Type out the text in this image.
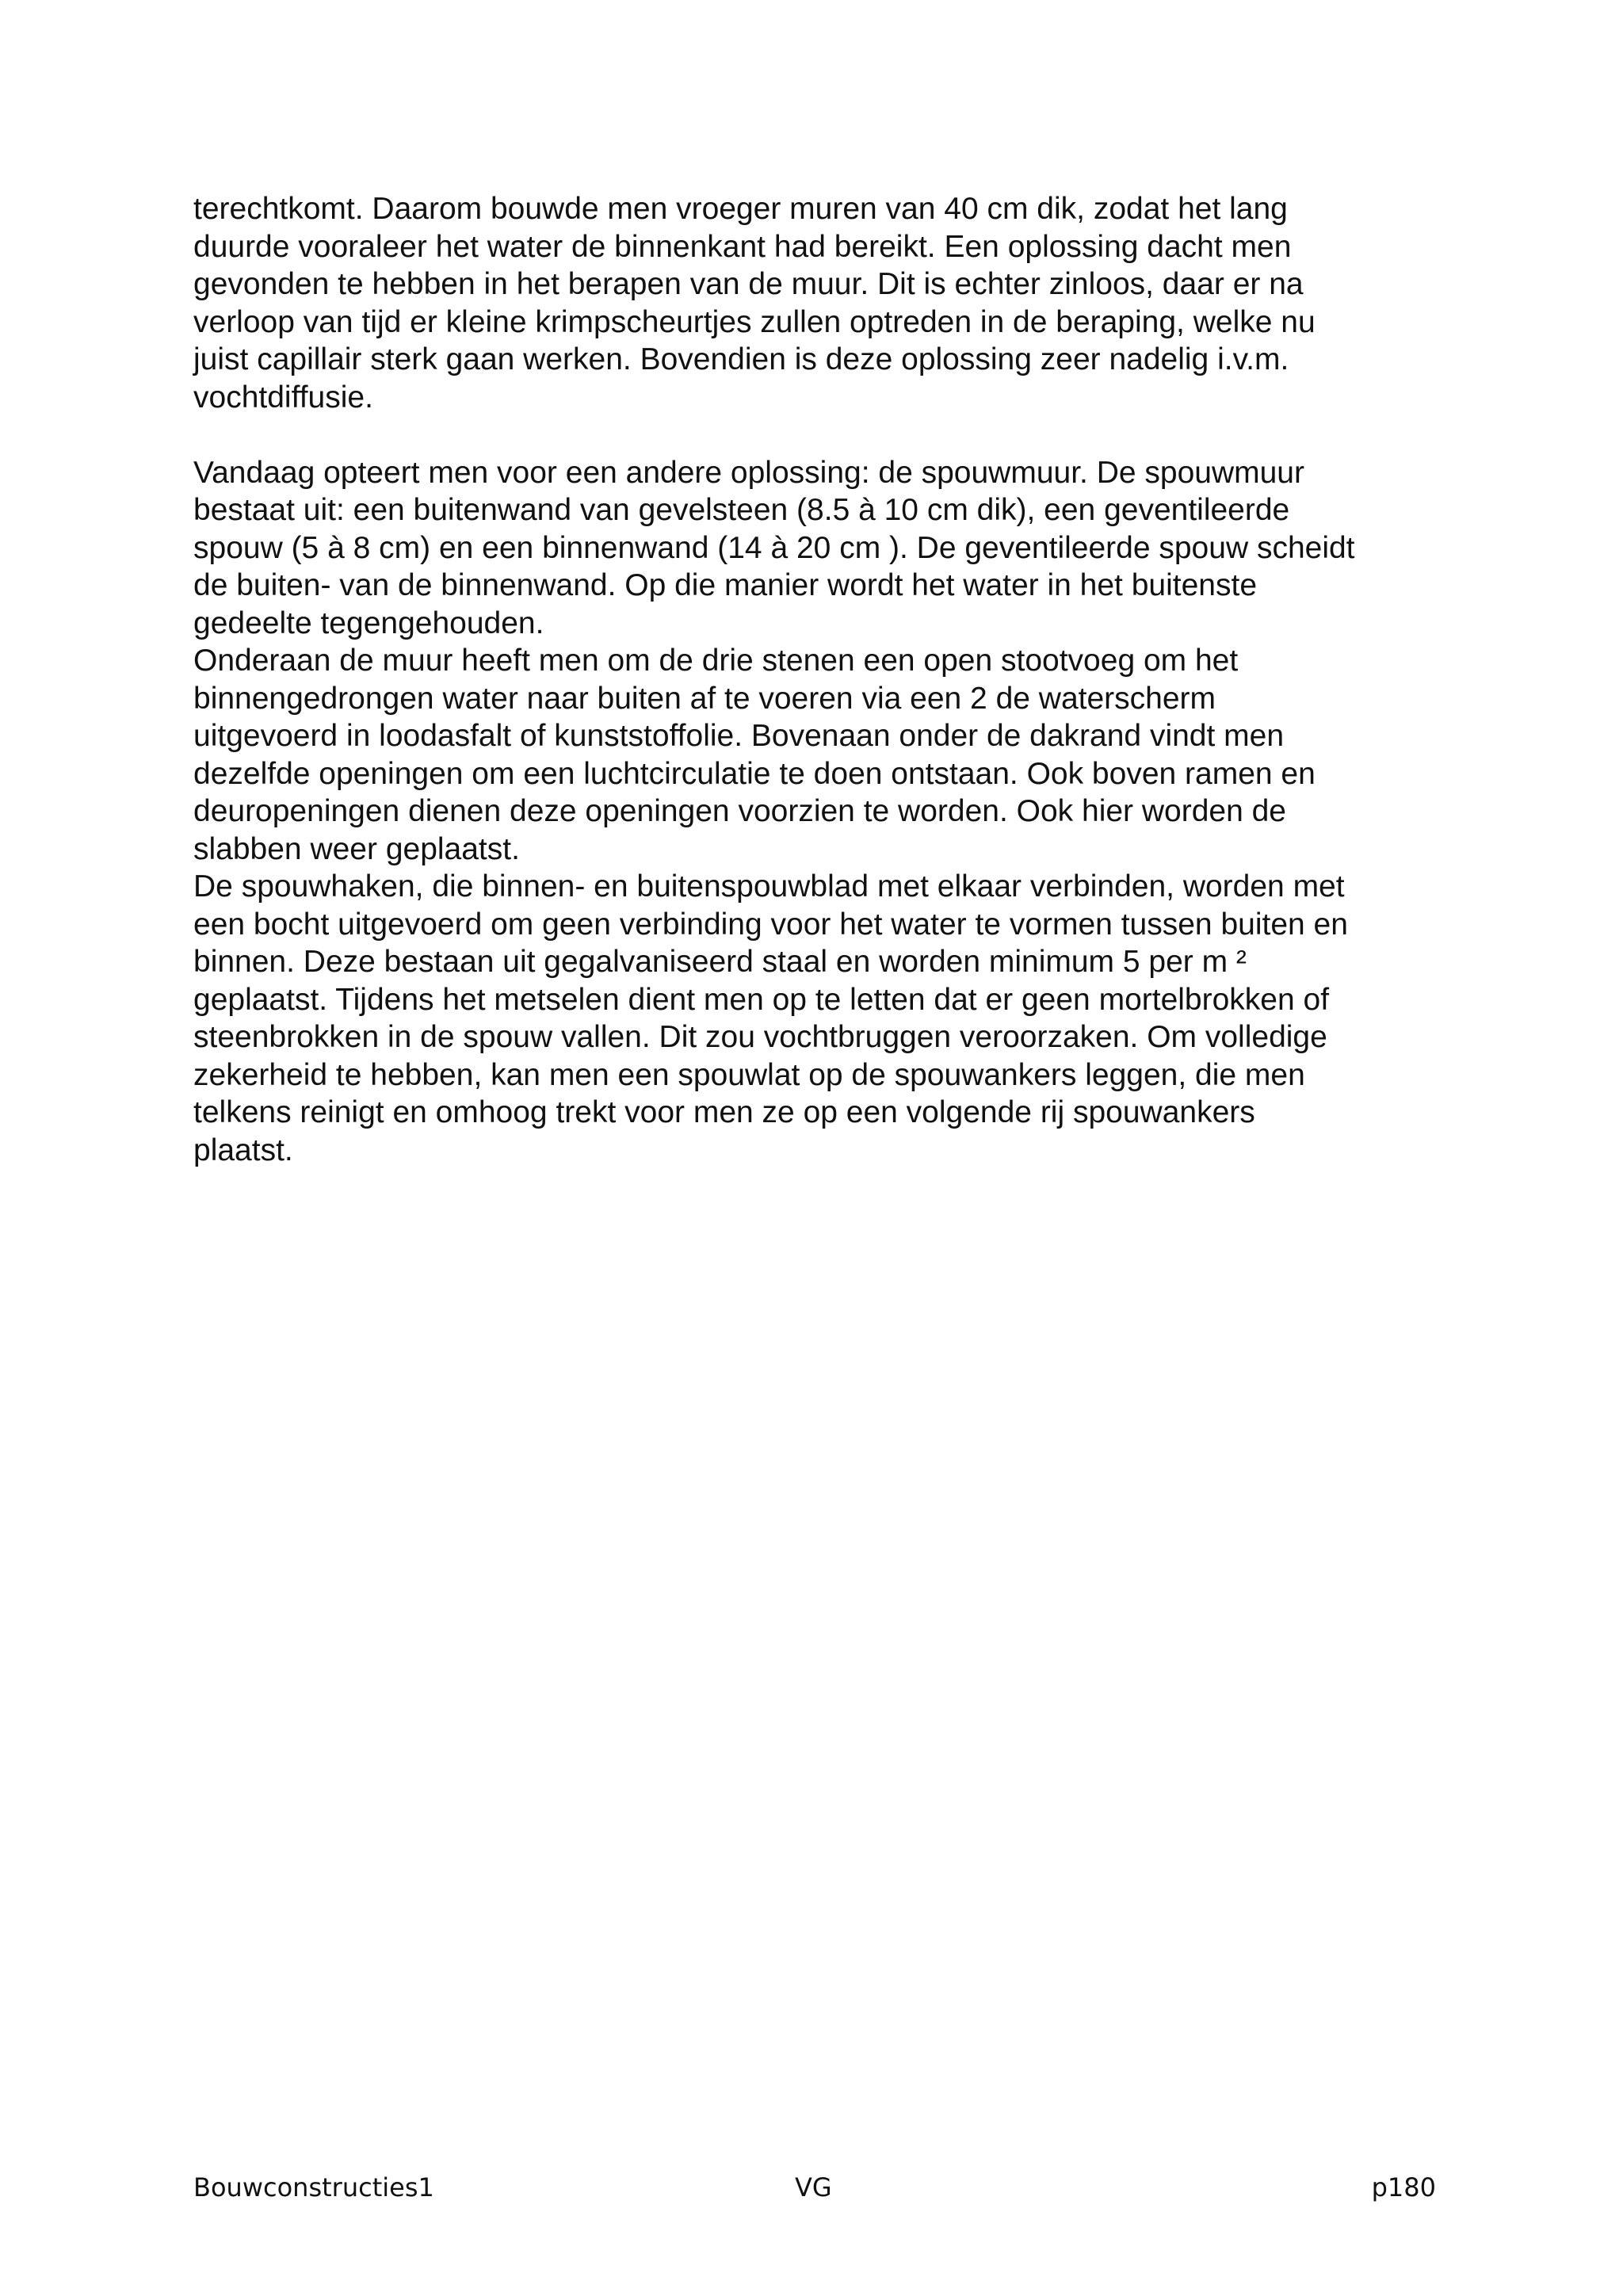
terechtkomt. Daarom bouwde men vroeger muren van 40 cm dik, zodat het lang
duurde vooraleer het water de binnenkant had bereikt. Een oplossing dacht men
gevonden te hebben in het berapen van de muur. Dit is echter zinloos, daar er na
verloop van tijd er kleine krimpscheurtjes zullen optreden in de beraping, welke nu
juist capillair sterk gaan werken. Bovendien is deze oplossing zeer nadelig i.v.m.
vochtdiffusie.
Vandaag opteert men voor een andere oplossing: de spouwmuur. De spouwmuur
bestaat uit: een buitenwand van gevelsteen (8.5 à 10 cm dik), een geventileerde
spouw (5 à 8 cm) en een binnenwand (14 à 20 cm ). De geventileerde spouw scheidt
de buiten- van de binnenwand. Op die manier wordt het water in het buitenste
gedeelte tegengehouden.
Onderaan de muur heeft men om de drie stenen een open stootvoeg om het
binnengedrongen water naar buiten af te voeren via een 2 de waterscherm
uitgevoerd in loodasfalt of kunststoffolie. Bovenaan onder de dakrand vindt men
dezelfde openingen om een luchtcirculatie te doen ontstaan. Ook boven ramen en
deuropeningen dienen deze openingen voorzien te worden. Ook hier worden de
slabben weer geplaatst.
De spouwhaken, die binnen- en buitenspouwblad met elkaar verbinden, worden met
een bocht uitgevoerd om geen verbinding voor het water te vormen tussen buiten en
binnen. Deze bestaan uit gegalvaniseerd staal en worden minimum 5 per m ²
geplaatst. Tijdens het metselen dient men op te letten dat er geen mortelbrokken of
steenbrokken in de spouw vallen. Dit zou vochtbruggen veroorzaken. Om volledige
zekerheid te hebben, kan men een spouwlat op de spouwankers leggen, die men
telkens reinigt en omhoog trekt voor men ze op een volgende rij spouwankers
plaatst.
Bouwconstructies1	VG	p180
